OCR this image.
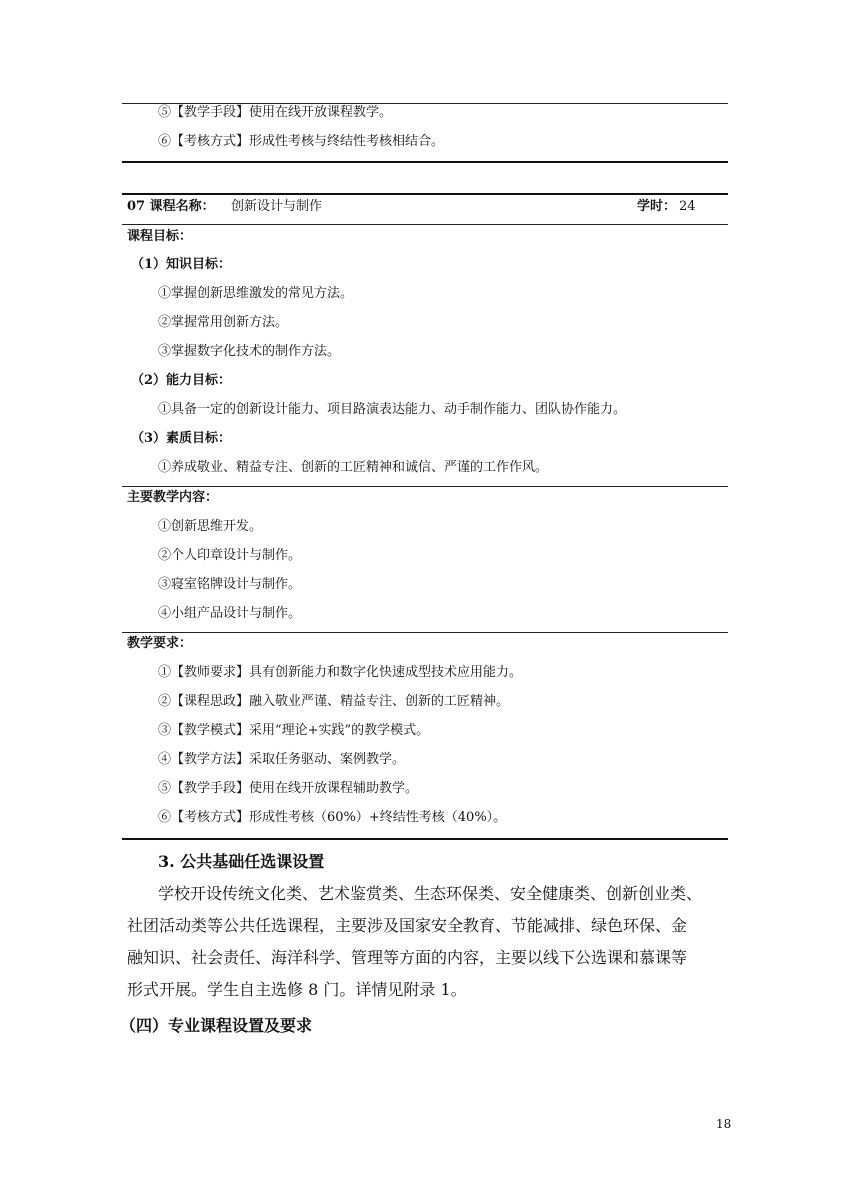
⑤【教学手段】使用在线开放课程教学。
⑥【考核方式】形成性考核与终结性考核相结合。
07 课程名称： 创新设计与制作	学时： 24
课程目标：
（1）知识目标：
①掌握创新思维激发的常见方法。
②掌握常用创新方法。
③掌握数字化技术的制作方法。
（2）能力目标：
①具备一定的创新设计能力、项目路演表达能力、动手制作能力、团队协作能力。
（3）素质目标：
①养成敬业、精益专注、创新的工匠精神和诚信、严谨的工作作风。
主要教学内容：
①创新思维开发。
②个人印章设计与制作。
③寝室铭牌设计与制作。
④小组产品设计与制作。
教学要求：
①【教师要求】具有创新能力和数字化快速成型技术应用能力。
②【课程思政】融入敬业严谨、精益专注、创新的工匠精神。
③【教学模式】采用“理论+实践”的教学模式。
④【教学方法】采取任务驱动、案例教学。
⑤【教学手段】使用在线开放课程辅助教学。
⑥【考核方式】形成性考核（60%）+终结性考核（40%）。
3. 公共基础任选课设置
学校开设传统文化类、艺术鉴赏类、生态环保类、安全健康类、创新创业类、
社团活动类等公共任选课程，主要涉及国家安全教育、节能减排、绿色环保、金
融知识、社会责任、海洋科学、管理等方面的内容，主要以线下公选课和慕课等
形式开展。学生自主选修 8 门。详情见附录 1。
（四）专业课程设置及要求
18
